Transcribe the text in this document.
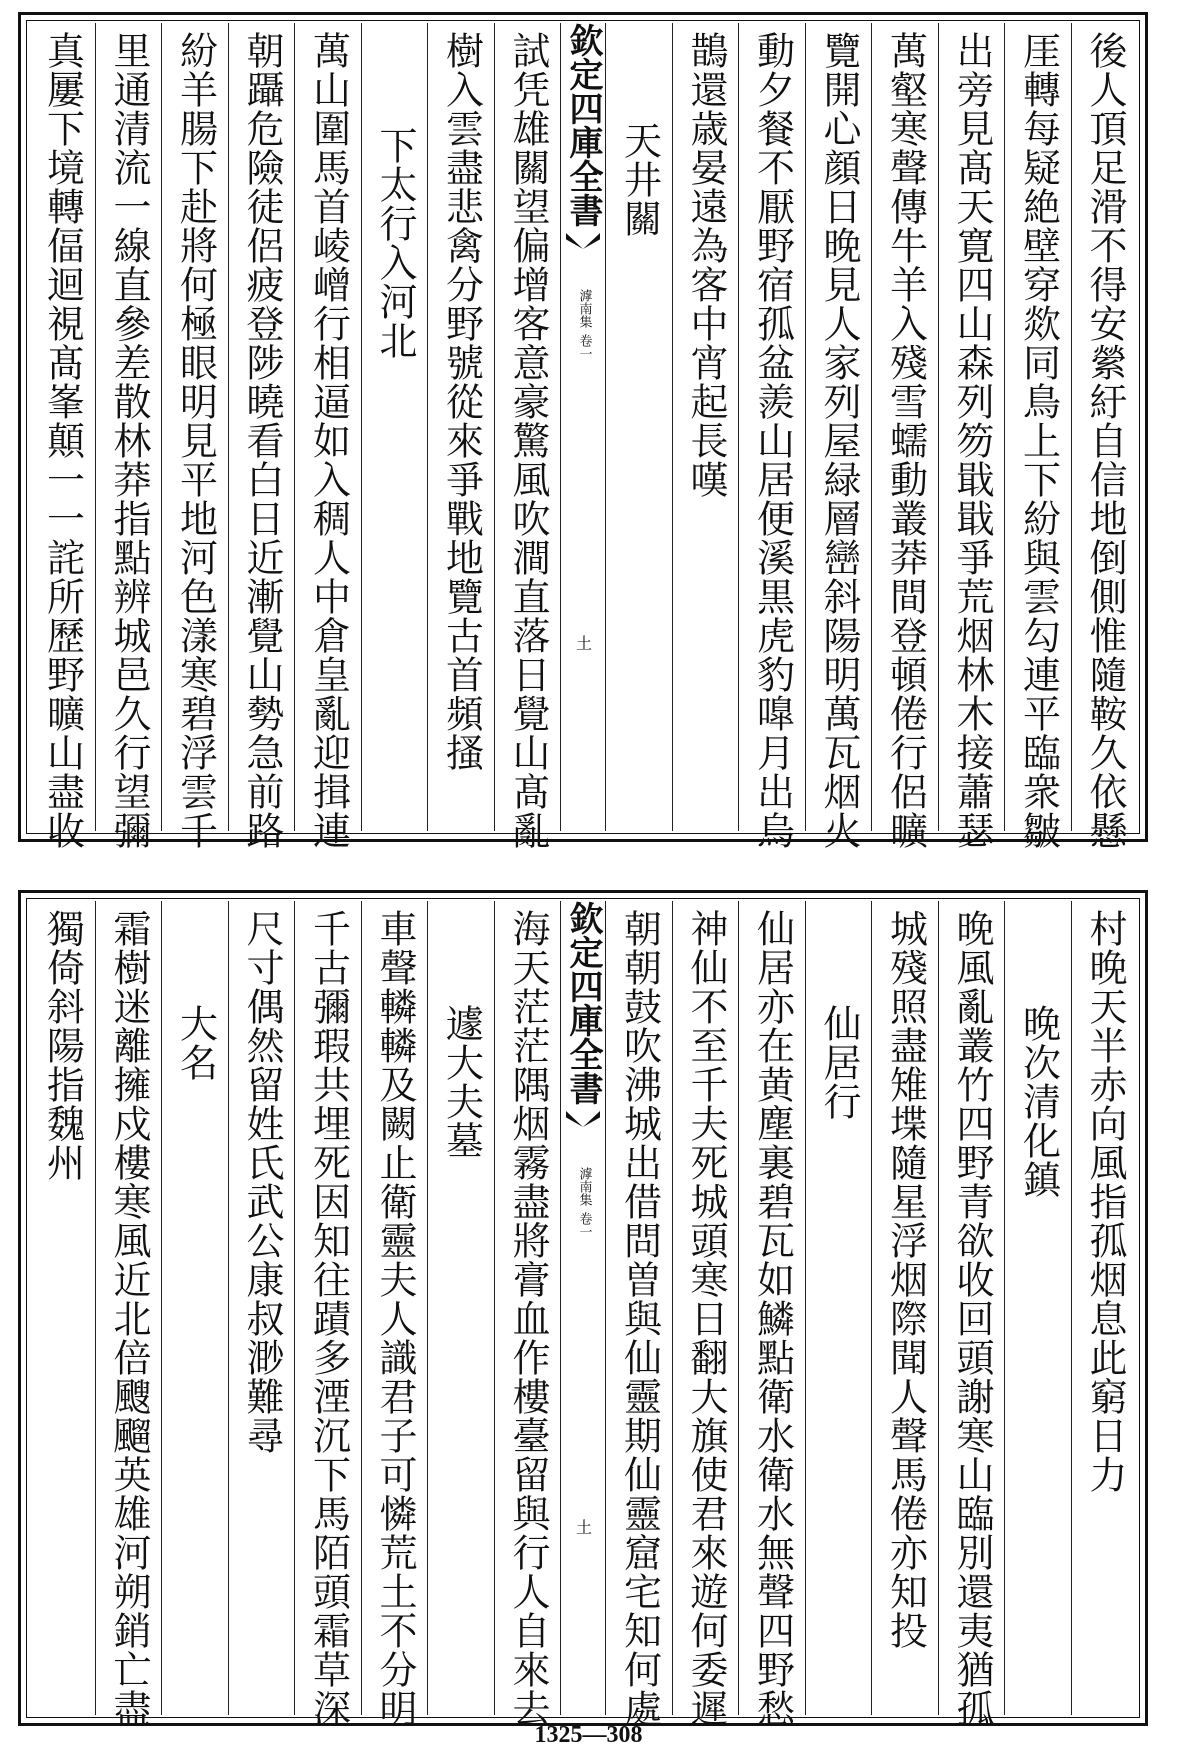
後人頂足滑不得安縈紆自信地倒側惟隨鞍久依懸
厓轉每疑絶壁穿欻同鳥上下紛與雲勾連平臨衆皺
出旁見髙天寛四山森列笏戢戢爭荒烟林木接蕭瑟
萬壑寒聲傳牛羊入殘雪蠕動叢莽間登頓倦行侶曠
覽開心顔日晚見人家列屋緑層巒斜陽明萬瓦烟火
動夕餐不厭野宿孤盆羨山居便溪黒虎豹嘷月出烏
鵲還歳晏遠為客中宵起長嘆
天井關
欽定四庫全書
滹南集
卷一
土
試凭雄關望偏增客意豪驚風吹澗直落日覺山髙亂
樹入雲盡悲禽分野號從來爭戰地覽古首頻搔
下太行入河北
萬山圍馬首崚嶒行相逼如入稠人中倉皇亂迎揖連
朝躡危險徒侶疲登陟曉看白日近漸覺山勢急前路
紛羊腸下赴將何極眼明見平地河色漾寒碧浮雲千
里通清流一線直參差散林莽指點辨城邑久行望彌
真屢下境轉偪迴視髙峯顛一一詫所歷野曠山盡收
村晚天半赤向風指孤烟息此窮日力
晚次清化鎮
晚風亂叢竹四野青欲收回頭謝寒山臨別還夷猶孤
城殘照盡雉堞隨星浮烟際聞人聲馬倦亦知投
仙居行
仙居亦在黄塵裏碧瓦如鱗點衛水衛水無聲四野愁
神仙不至千夫死城頭寒日翻大旗使君來遊何委遲
朝朝鼓吹沸城出借問曽與仙靈期仙靈窟宅知何處
欽定四庫全書
滹南集
卷一
土
海天茫茫隅烟霧盡將膏血作樓臺留與行人自來去
遽大夫墓
車聲轔轔及闕止衛靈夫人識君子可憐荒土不分明
千古彌瑕共埋死因知往蹟多湮沉下馬陌頭霜草深
尺寸偶然留姓氏武公康叔渺難尋
大名
霜樹迷離擁戍樓寒風近北倍颼飀英雄河朔銷亡盡
獨倚斜陽指魏州
1325—308
